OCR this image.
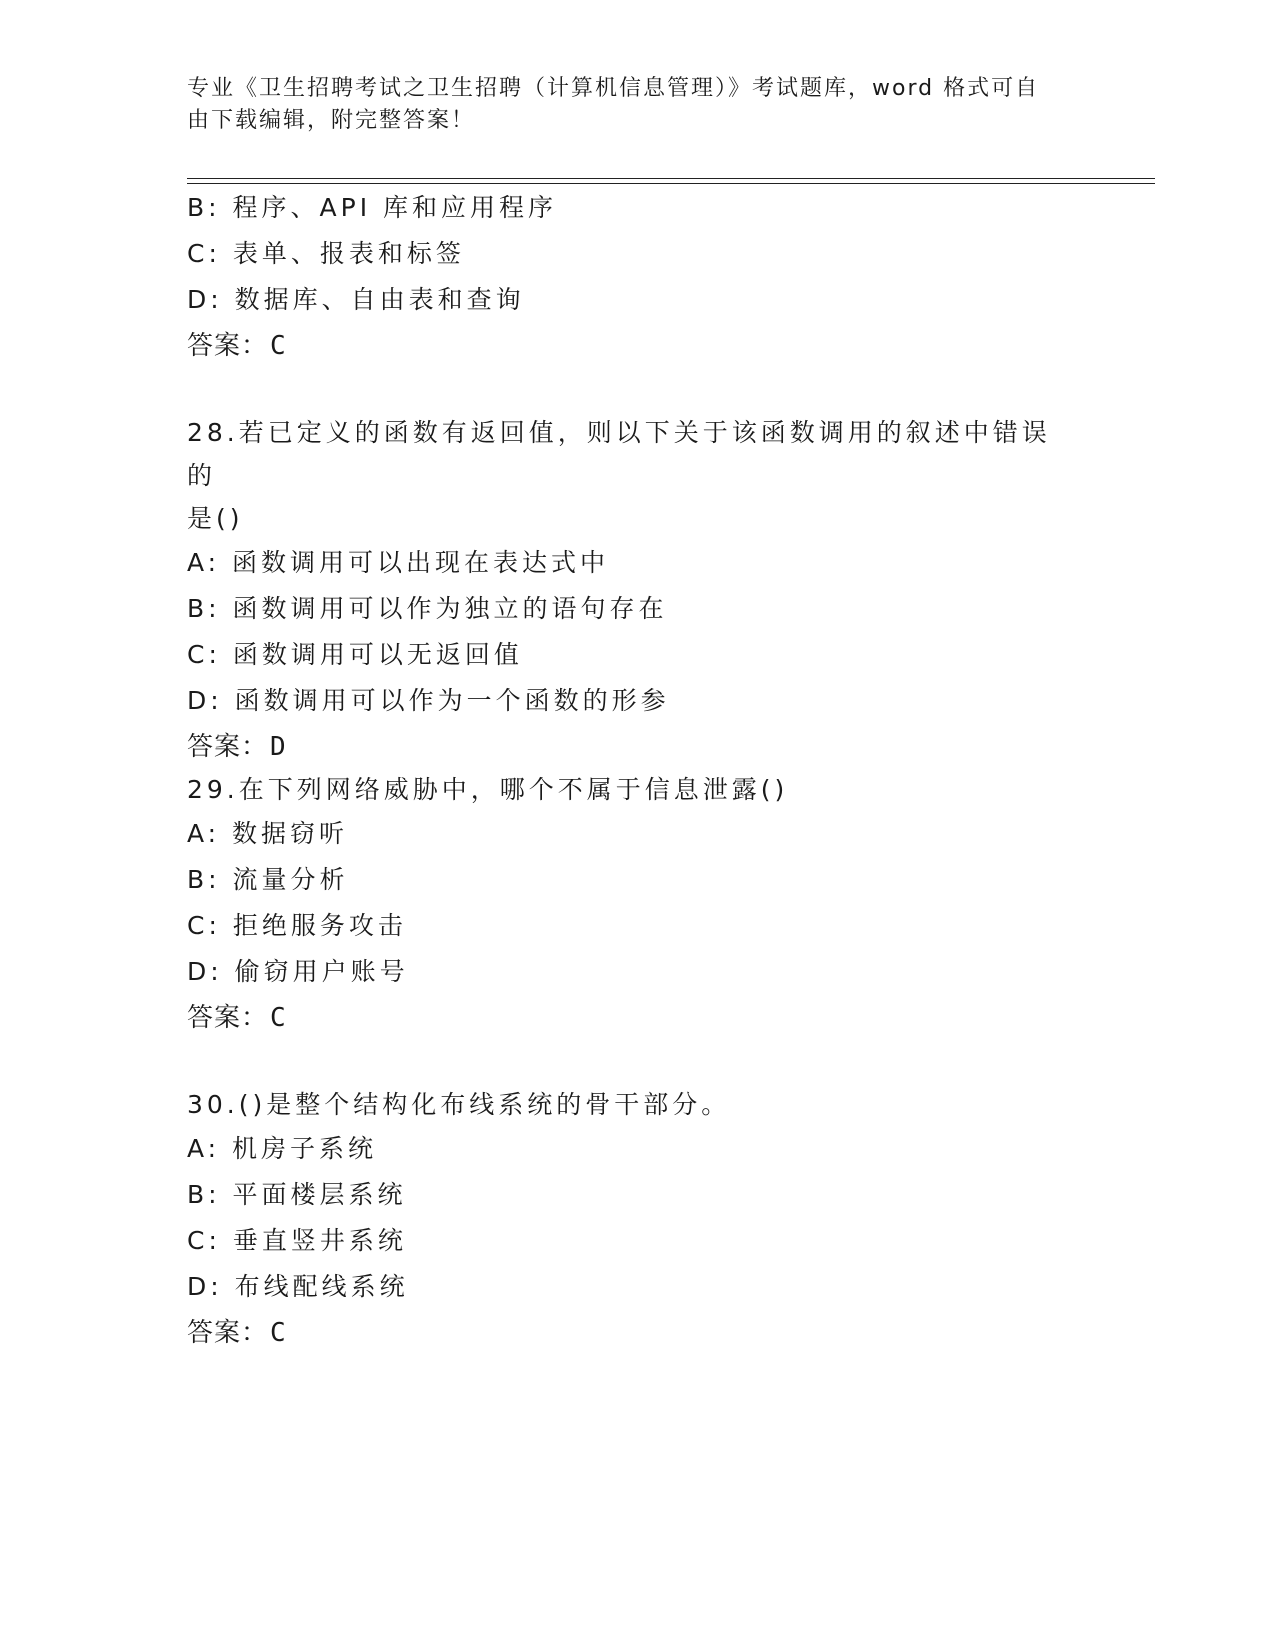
专业《卫生招聘考试之卫生招聘（计算机信息管理）》考试题库，word 格式可自
由下载编辑，附完整答案！
B: 程序、API 库和应用程序
C: 表单、报表和标签
D: 数据库、自由表和查询
答案：C
28.若已定义的函数有返回值，则以下关于该函数调用的叙述中错误的
是()
A: 函数调用可以出现在表达式中
B: 函数调用可以作为独立的语句存在
C: 函数调用可以无返回值
D: 函数调用可以作为一个函数的形参
答案：D
29.在下列网络威胁中，哪个不属于信息泄露()
A: 数据窃听
B: 流量分析
C: 拒绝服务攻击
D: 偷窃用户账号
答案：C
30.()是整个结构化布线系统的骨干部分。
A: 机房子系统
B: 平面楼层系统
C: 垂直竖井系统
D: 布线配线系统
答案：C
